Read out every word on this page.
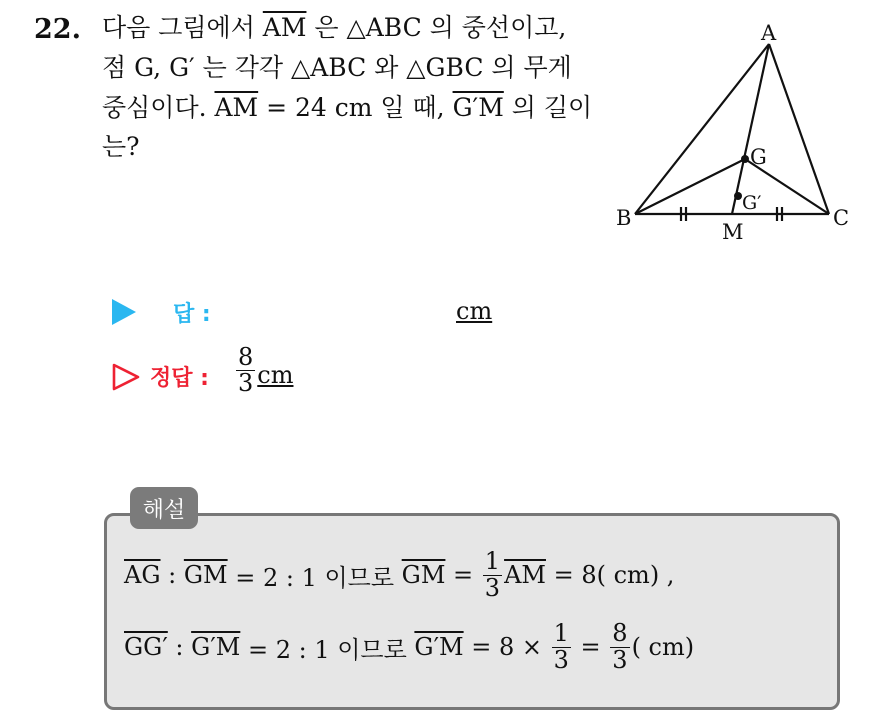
22. 다음 그림에서 $\overline{AM}$ 은 △ABC 의 중선이고,
점 G, G′ 는 각각 △ABC 와 △GBC 의 무게
중심이다. $\overline{AM} = 24$ cm 일 때, G′M 의 길이
는?
A
B	C
G
G′
M
답 :	cm
정답 : $\frac{8}{3}$ cm
해설
$\overline{AG}$ : $\overline{GM} = 2$ : 1 이므로 $\overline{GM} = \frac{1}{3} \overline{AM} = 8$( cm) ,
GG′ : G′M = 2 : 1 이므로 $G'M = 8 \times \frac{1}{3} = \frac{8}{3}$ ( cm)
